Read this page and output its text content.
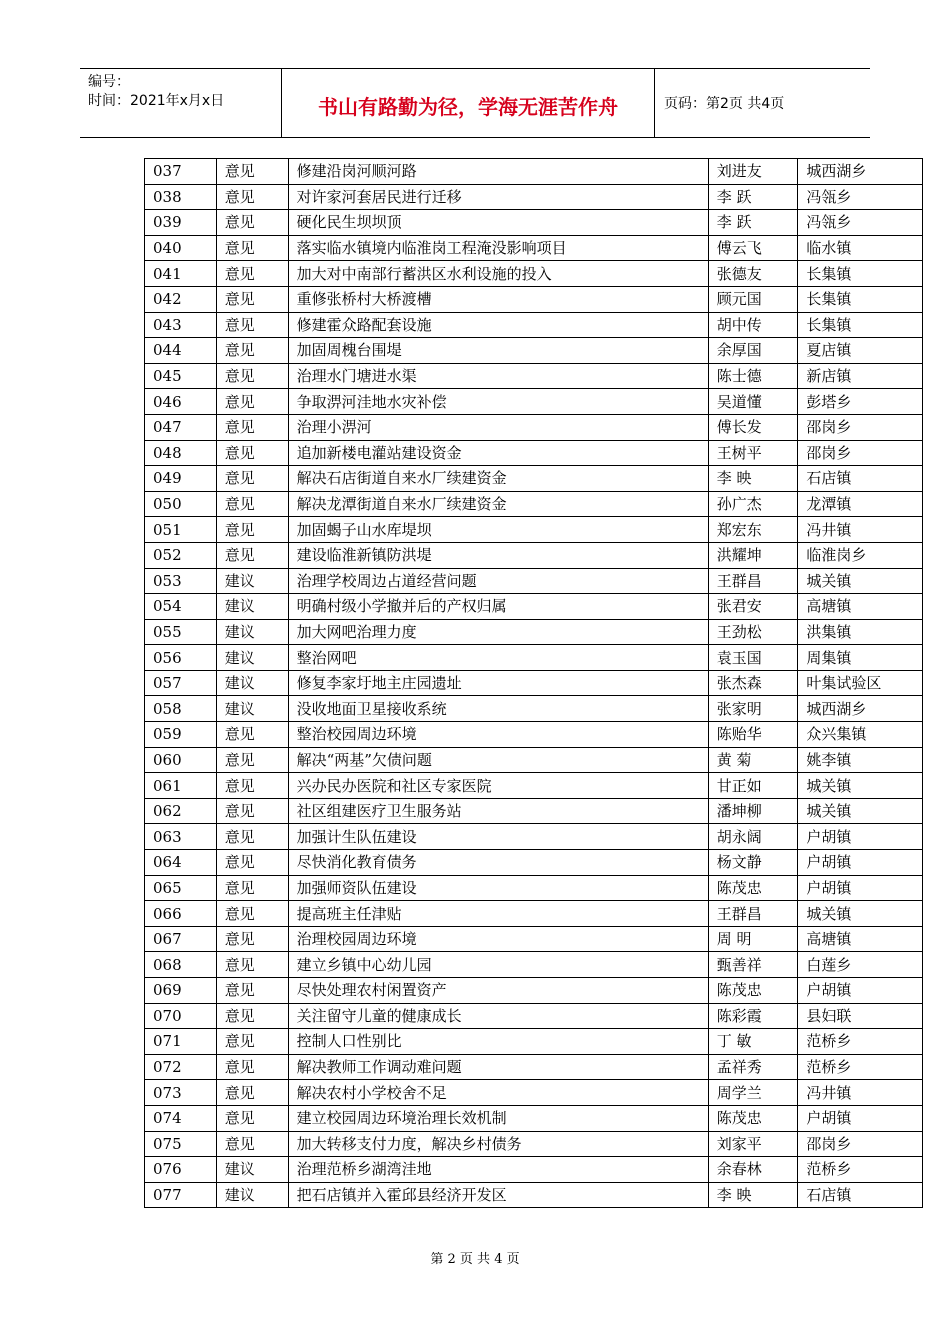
编号：
时间：2021年x月x日	书山有路勤为径，学海无涯苦作舟	页码：第2页 共4页
037	意见	修建沿岗河顺河路	刘进友	城西湖乡
038	意见	对许家河套居民进行迁移	李 跃	冯瓴乡
039	意见	硬化民生坝坝顶	李 跃	冯瓴乡
040	意见	落实临水镇境内临淮岗工程淹没影响项目	傅云飞	临水镇
041	意见	加大对中南部行蓄洪区水利设施的投入	张德友	长集镇
042	意见	重修张桥村大桥渡槽	顾元国	长集镇
043	意见	修建霍众路配套设施	胡中传	长集镇
044	意见	加固周槐台围堤	余厚国	夏店镇
045	意见	治理水门塘进水渠	陈士德	新店镇
046	意见	争取淠河洼地水灾补偿	吴道懂	彭塔乡
047	意见	治理小淠河	傅长发	邵岗乡
048	意见	追加新楼电灌站建设资金	王树平	邵岗乡
049	意见	解决石店街道自来水厂续建资金	李 映	石店镇
050	意见	解决龙潭街道自来水厂续建资金	孙广杰	龙潭镇
051	意见	加固蝎子山水库堤坝	郑宏东	冯井镇
052	意见	建设临淮新镇防洪堤	洪耀坤	临淮岗乡
053	建议	治理学校周边占道经营问题	王群昌	城关镇
054	建议	明确村级小学撤并后的产权归属	张君安	高塘镇
055	建议	加大网吧治理力度	王劲松	洪集镇
056	建议	整治网吧	袁玉国	周集镇
057	建议	修复李家圩地主庄园遗址	张杰森	叶集试验区
058	建议	没收地面卫星接收系统	张家明	城西湖乡
059	意见	整治校园周边环境	陈贻华	众兴集镇
060	意见	解决“两基”欠债问题	黄 菊	姚李镇
061	意见	兴办民办医院和社区专家医院	甘正如	城关镇
062	意见	社区组建医疗卫生服务站	潘坤柳	城关镇
063	意见	加强计生队伍建设	胡永阔	户胡镇
064	意见	尽快消化教育债务	杨文静	户胡镇
065	意见	加强师资队伍建设	陈茂忠	户胡镇
066	意见	提高班主任津贴	王群昌	城关镇
067	意见	治理校园周边环境	周 明	高塘镇
068	意见	建立乡镇中心幼儿园	甄善祥	白莲乡
069	意见	尽快处理农村闲置资产	陈茂忠	户胡镇
070	意见	关注留守儿童的健康成长	陈彩霞	县妇联
071	意见	控制人口性别比	丁 敏	范桥乡
072	意见	解决教师工作调动难问题	孟祥秀	范桥乡
073	意见	解决农村小学校舍不足	周学兰	冯井镇
074	意见	建立校园周边环境治理长效机制	陈茂忠	户胡镇
075	意见	加大转移支付力度，解决乡村债务	刘家平	邵岗乡
076	建议	治理范桥乡湖湾洼地	余春林	范桥乡
077	建议	把石店镇并入霍邱县经济开发区	李 映	石店镇
第 2 页 共 4 页
